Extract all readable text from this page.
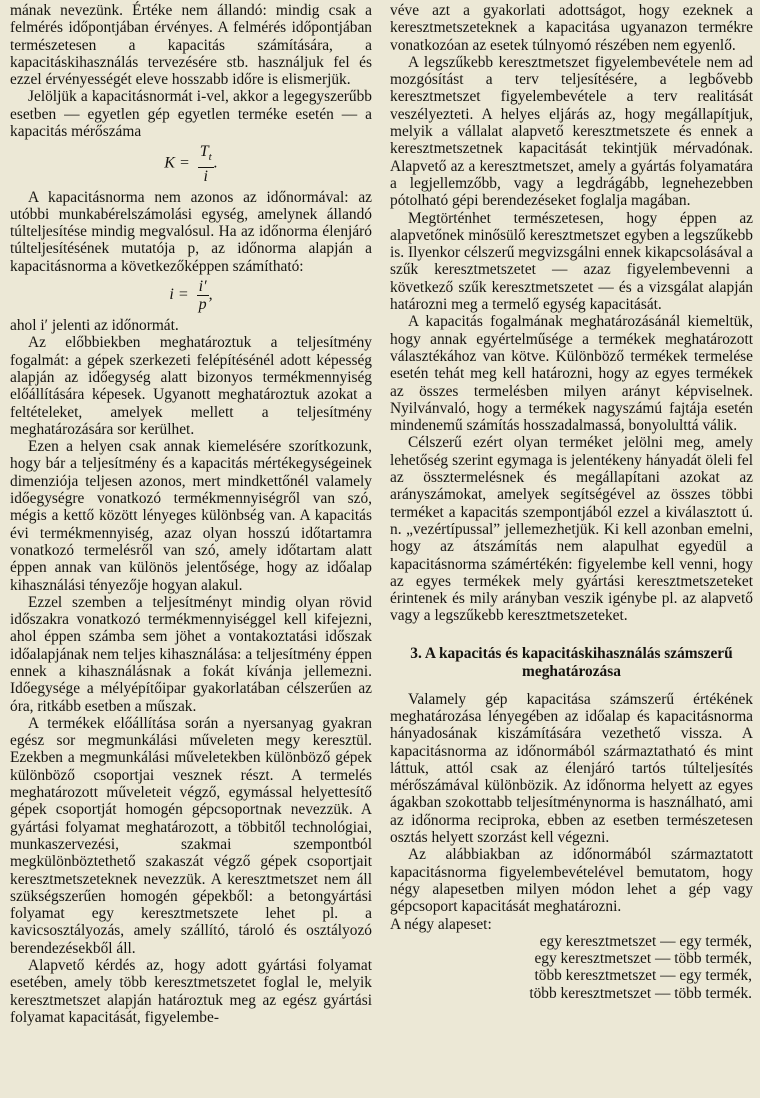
mának nevezünk. Értéke nem állandó: mindig csak a felmérés időpontjában érvényes. A felmérés időpontjában természetesen a kapacitás számítására, a kapacitáskihasználás tervezésére stb. használjuk fel és ezzel érvényességét eleve hosszabb időre is elismerjük.

Jelöljük a kapacitásnormát i-vel, akkor a legegyszerűbb esetben — egyetlen gép egyetlen terméke esetén — a kapacitás mérőszáma

$K = \frac{T_t}{i}$ .

A kapacitásnorma nem azonos az időnormával: az utóbbi munkabérelszámolási egység, amelynek állandó túlteljesítése mindig megvalósul. Ha az időnorma élenjáró túlteljesítésének mutatója p, az időnorma alapján a kapacitásnorma a következőképpen számítható:

$i = \frac{i'}{p}$ ,

ahol i′ jelenti az időnormát.

Az előbbiekben meghatároztuk a teljesítmény fogalmát: a gépek szerkezeti felépítésénél adott képesség alapján az időegység alatt bizonyos termékmennyiség előállítására képesek. Ugyanott meghatároztuk azokat a feltételeket, amelyek mellett a teljesítmény meghatározására sor kerülhet.

Ezen a helyen csak annak kiemelésére szorítkozunk, hogy bár a teljesítmény és a kapacitás mértékegységeinek dimenziója teljesen azonos, mert mindkettőnél valamely időegységre vonatkozó termékmennyiségről van szó, mégis a kettő között lényeges különbség van. A kapacitás évi termékmennyiség, azaz olyan hosszú időtartamra vonatkozó termelésről van szó, amely időtartam alatt éppen annak van különös jelentősége, hogy az időalap kihasználási tényezője hogyan alakul.

Ezzel szemben a teljesítményt mindig olyan rövid időszakra vonatkozó termékmennyiséggel kell kifejezni, ahol éppen számba sem jöhet a vontakoztatási időszak időalapjának nem teljes kihasználása: a teljesítmény éppen ennek a kihasználásnak a fokát kívánja jellemezni. Időegysége a mélyépítőipar gyakorlatában célszerűen az óra, ritkább esetben a műszak.

A termékek előállítása során a nyersanyag gyakran egész sor megmunkálási műveleten megy keresztül. Ezekben a megmunkálási műveletekben különböző gépek különböző csoportjai vesznek részt. A termelés meghatározott műveleteit végző, egymással helyettesítő gépek csoportját homogén gépcsoportnak nevezzük. A gyártási folyamat meghatározott, a többitől technológiai, munkaszervezési, szakmai szempontból megkülönböztethető szakaszát végző gépek csoportjait keresztmetszeteknek nevezzük. A keresztmetszet nem áll szükségszerűen homogén gépekből: a betongyártási folyamat egy keresztmetszete lehet pl. a kavicsosztályozás, amely szállító, tároló és osztályozó berendezésekből áll.

Alapvető kérdés az, hogy adott gyártási folyamat esetében, amely több keresztmetszetet foglal le, melyik keresztmetszet alapján határoztuk meg az egész gyártási folyamat kapacitását, figyelembe-

véve azt a gyakorlati adottságot, hogy ezeknek a keresztmetszeteknek a kapacitása ugyanazon termékre vonatkozóan az esetek túlnyomó részében nem egyenlő.

A legszűkebb keresztmetszet figyelembevétele nem ad mozgósítást a terv teljesítésére, a legbővebb keresztmetszet figyelembevétele a terv realitását veszélyezteti. A helyes eljárás az, hogy megállapítjuk, melyik a vállalat alapvető keresztmetszete és ennek a keresztmetszetnek kapacitását tekintjük mérvadónak. Alapvető az a keresztmetszet, amely a gyártás folyamatára a legjellemzőbb, vagy a legdrágább, legnehezebben pótolható gépi berendezéseket foglalja magában.

Megtörténhet természetesen, hogy éppen az alapvetőnek minősülő keresztmetszet egyben a legszűkebb is. Ilyenkor célszerű megvizsgálni ennek kikapcsolásával a szűk keresztmetszetet — azaz figyelembevenni a következő szűk keresztmetszetet — és a vizsgálat alapján határozni meg a termelő egység kapacitását.

A kapacitás fogalmának meghatározásánál kiemeltük, hogy annak egyértelműsége a termékek meghatározott választékához van kötve. Különböző termékek termelése esetén tehát meg kell határozni, hogy az egyes termékek az összes termelésben milyen arányt képviselnek. Nyilvánvaló, hogy a termékek nagyszámú fajtája esetén mindenemű számítás hosszadalmassá, bonyolulttá válik.

Célszerű ezért olyan terméket jelölni meg, amely lehetőség szerint egymaga is jelentékeny hányadát öleli fel az össztermelésnek és megállapítani azokat az arányszámokat, amelyek segítségével az összes többi terméket a kapacitás szempontjából ezzel a kiválasztott ú. n. „vezértípussal” jellemezhetjük. Ki kell azonban emelni, hogy az átszámítás nem alapulhat egyedül a kapacitásnorma számértékén: figyelembe kell venni, hogy az egyes termékek mely gyártási keresztmetszeteket érintenek és mily arányban veszik igénybe pl. az alapvető vagy a legszűkebb keresztmetszeteket.

3. A kapacitás és kapacitáskihasználás számszerű meghatározása

Valamely gép kapacitása számszerű értékének meghatározása lényegében az időalap és kapacitásnorma hányadosának kiszámítására vezethető vissza. A kapacitásnorma az időnormából származtatható és mint láttuk, attól csak az élenjáró tartós túlteljesítés mérőszámával különbözik. Az időnorma helyett az egyes ágakban szokottabb teljesítménynorma is használható, ami az időnorma reciproka, ebben az esetben természetesen osztás helyett szorzást kell végezni.

Az alábbiakban az időnormából származtatott kapacitásnorma figyelembevételével bemutatom, hogy négy alapesetben milyen módon lehet a gép vagy gépcsoport kapacitását meghatározni.

A négy alapeset:

egy keresztmetszet — egy termék,
egy keresztmetszet — több termék,
több keresztmetszet — egy termék,
több keresztmetszet — több termék.
